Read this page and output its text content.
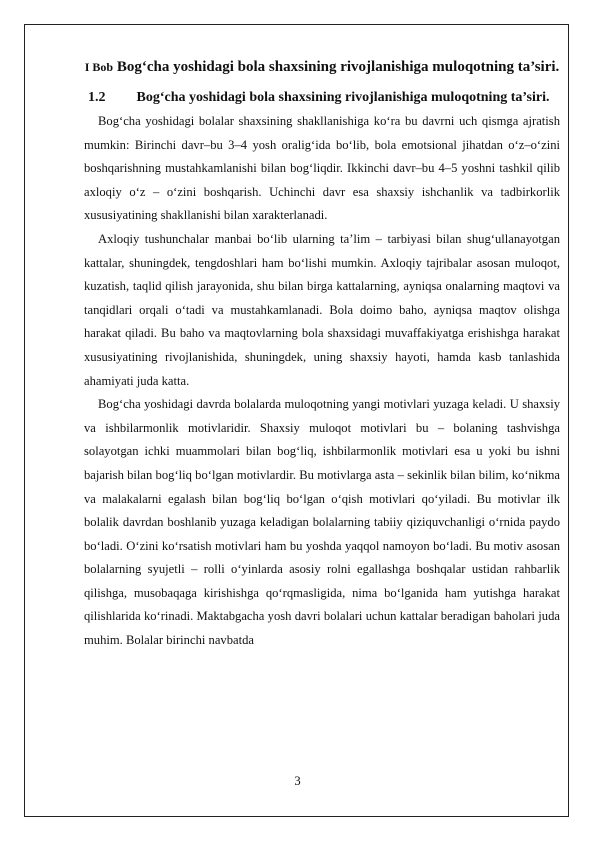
I Bob Bog‘cha yoshidagi bola shaxsining rivojlanishiga muloqotning ta’siri.
1.2	Bog‘cha yoshidagi bola shaxsining rivojlanishiga muloqotning ta’siri.

Bog‘cha yoshidagi bolalar shaxsining shakllanishiga ko‘ra bu davrni uch qismga ajratish mumkin: Birinchi davr–bu 3–4 yosh oralig‘ida bo‘lib, bola emotsional jihatdan o‘z–o‘zini boshqarishning mustahkamlanishi bilan bog‘liqdir. Ikkinchi davr–bu 4–5 yoshni tashkil qilib axloqiy o‘z – o‘zini boshqarish. Uchinchi davr esa shaxsiy ishchanlik va tadbirkorlik xususiyatining shakllanishi bilan xarakterlanadi.

Axloqiy tushunchalar manbai bo‘lib ularning ta’lim – tarbiyasi bilan shug‘ullanayotgan kattalar, shuningdek, tengdoshlari ham bo‘lishi mumkin. Axloqiy tajribalar asosan muloqot, kuzatish, taqlid qilish jarayonida, shu bilan birga kattalarning, ayniqsa onalarning maqtovi va tanqidlari orqali o‘tadi va mustahkamlanadi. Bola doimo baho, ayniqsa maqtov olishga harakat qiladi. Bu baho va maqtovlarning bola shaxsidagi muvaffakiyatga erishishga harakat xususiyatining rivojlanishida, shuningdek, uning shaxsiy hayoti, hamda kasb tanlashida ahamiyati juda katta.

Bog‘cha yoshidagi davrda bolalarda muloqotning yangi motivlari yuzaga keladi. U shaxsiy va ishbilarmonlik motivlaridir. Shaxsiy muloqot motivlari bu – bolaning tashvishga solayotgan ichki muammolari bilan bog‘liq, ishbilarmonlik motivlari esa u yoki bu ishni bajarish bilan bog‘liq bo‘lgan motivlardir. Bu motivlarga asta – sekinlik bilan bilim, ko‘nikma va malakalarni egalash bilan bog‘liq bo‘lgan o‘qish motivlari qo‘yiladi. Bu motivlar ilk bolalik davrdan boshlanib yuzaga keladigan bolalarning tabiiy qiziquvchanligi o‘rnida paydo bo‘ladi. O‘zini ko‘rsatish motivlari ham bu yoshda yaqqol namoyon bo‘ladi. Bu motiv asosan bolalarning syujetli – rolli o‘yinlarda asosiy rolni egallashga boshqalar ustidan rahbarlik qilishga, musobaqaga kirishishga qo‘rqmasligida, nima bo‘lganida ham yutishga harakat qilishlarida ko‘rinadi. Maktabgacha yosh davri bolalari uchun kattalar beradigan baholari juda muhim. Bolalar birinchi navbatda

3
